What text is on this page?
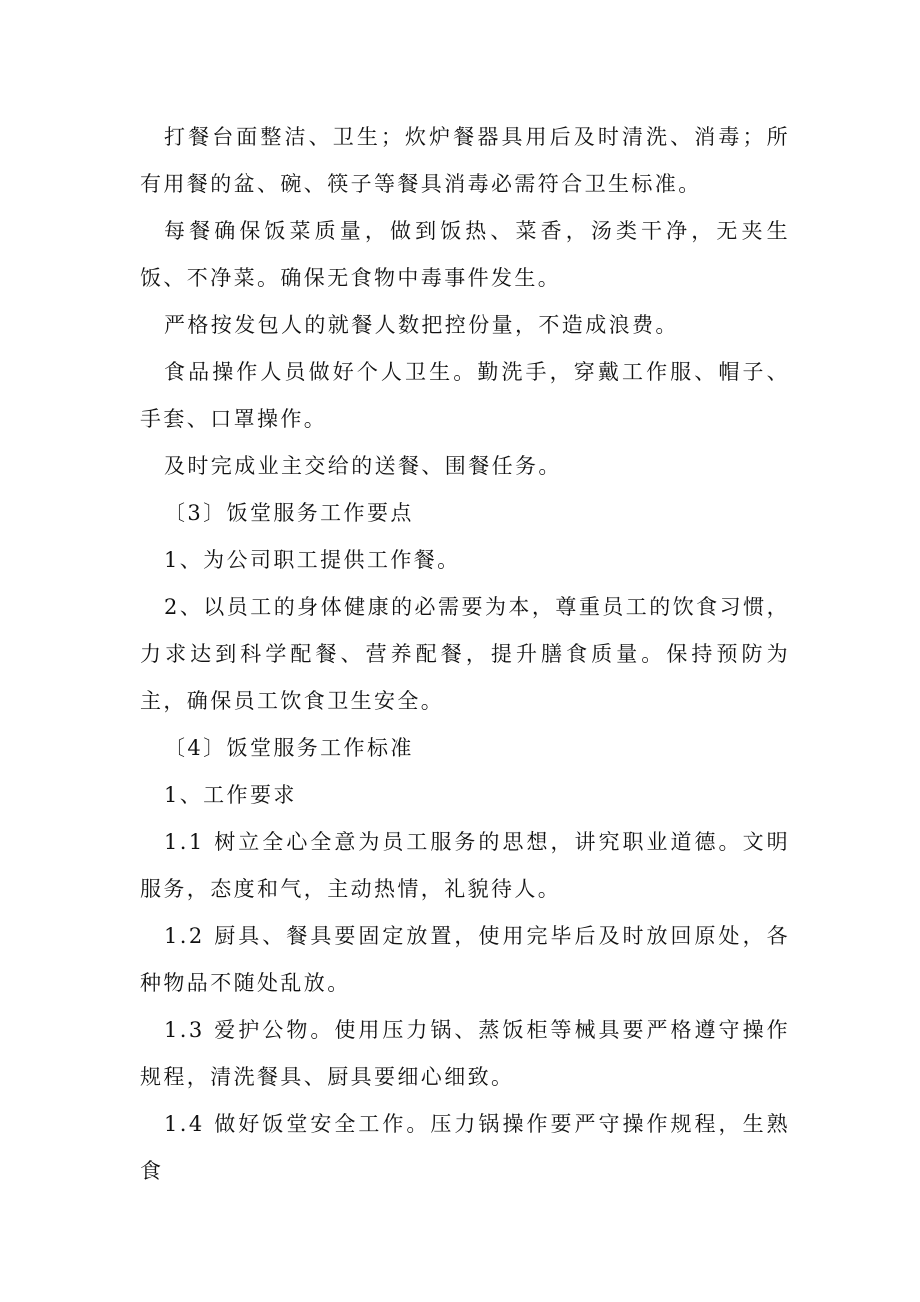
打餐台面整洁、卫生；炊炉餐器具用后及时清洗、消毒；所有用餐的盆、碗、筷子等餐具消毒必需符合卫生标准。

每餐确保饭菜质量，做到饭热、菜香，汤类干净，无夹生饭、不净菜。确保无食物中毒事件发生。

严格按发包人的就餐人数把控份量，不造成浪费。

食品操作人员做好个人卫生。勤洗手，穿戴工作服、帽子、手套、口罩操作。

及时完成业主交给的送餐、围餐任务。

〔3〕饭堂服务工作要点

1、为公司职工提供工作餐。

2、以员工的身体健康的必需要为本，尊重员工的饮食习惯，力求达到科学配餐、营养配餐，提升膳食质量。保持预防为主，确保员工饮食卫生安全。

〔4〕饭堂服务工作标准

1、工作要求

1.1 树立全心全意为员工服务的思想，讲究职业道德。文明服务，态度和气，主动热情，礼貌待人。

1.2 厨具、餐具要固定放置，使用完毕后及时放回原处，各种物品不随处乱放。

1.3 爱护公物。使用压力锅、蒸饭柜等械具要严格遵守操作规程，清洗餐具、厨具要细心细致。

1.4 做好饭堂安全工作。压力锅操作要严守操作规程，生熟食
